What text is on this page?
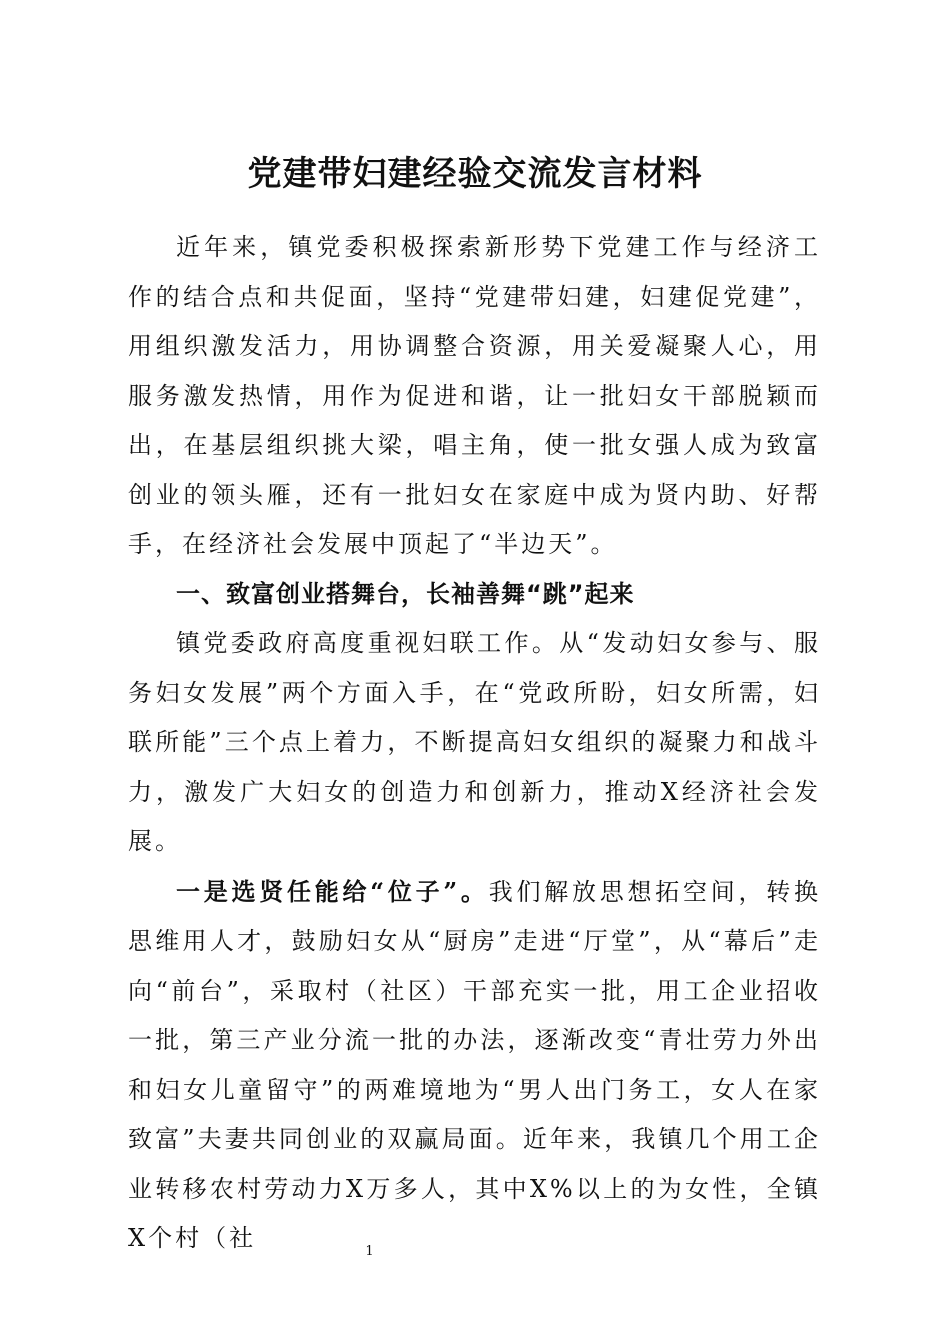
党建带妇建经验交流发言材料

近年来，镇党委积极探索新形势下党建工作与经济工作的结合点和共促面，坚持“党建带妇建，妇建促党建”，用组织激发活力，用协调整合资源，用关爱凝聚人心，用服务激发热情，用作为促进和谐，让一批妇女干部脱颖而出，在基层组织挑大梁，唱主角，使一批女强人成为致富创业的领头雁，还有一批妇女在家庭中成为贤内助、好帮手，在经济社会发展中顶起了“半边天”。

一、致富创业搭舞台，长袖善舞“跳”起来

镇党委政府高度重视妇联工作。从“发动妇女参与、服务妇女发展”两个方面入手，在“党政所盼，妇女所需，妇联所能”三个点上着力，不断提高妇女组织的凝聚力和战斗力，激发广大妇女的创造力和创新力，推动X经济社会发展。

一是选贤任能给“位子”。我们解放思想拓空间，转换思维用人才，鼓励妇女从“厨房”走进“厅堂”，从“幕后”走向“前台”，采取村（社区）干部充实一批，用工企业招收一批，第三产业分流一批的办法，逐渐改变“青壮劳力外出和妇女儿童留守”的两难境地为“男人出门务工，女人在家致富”夫妻共同创业的双赢局面。近年来，我镇几个用工企业转移农村劳动力X万多人，其中X%以上的为女性，全镇X个村（社	1
